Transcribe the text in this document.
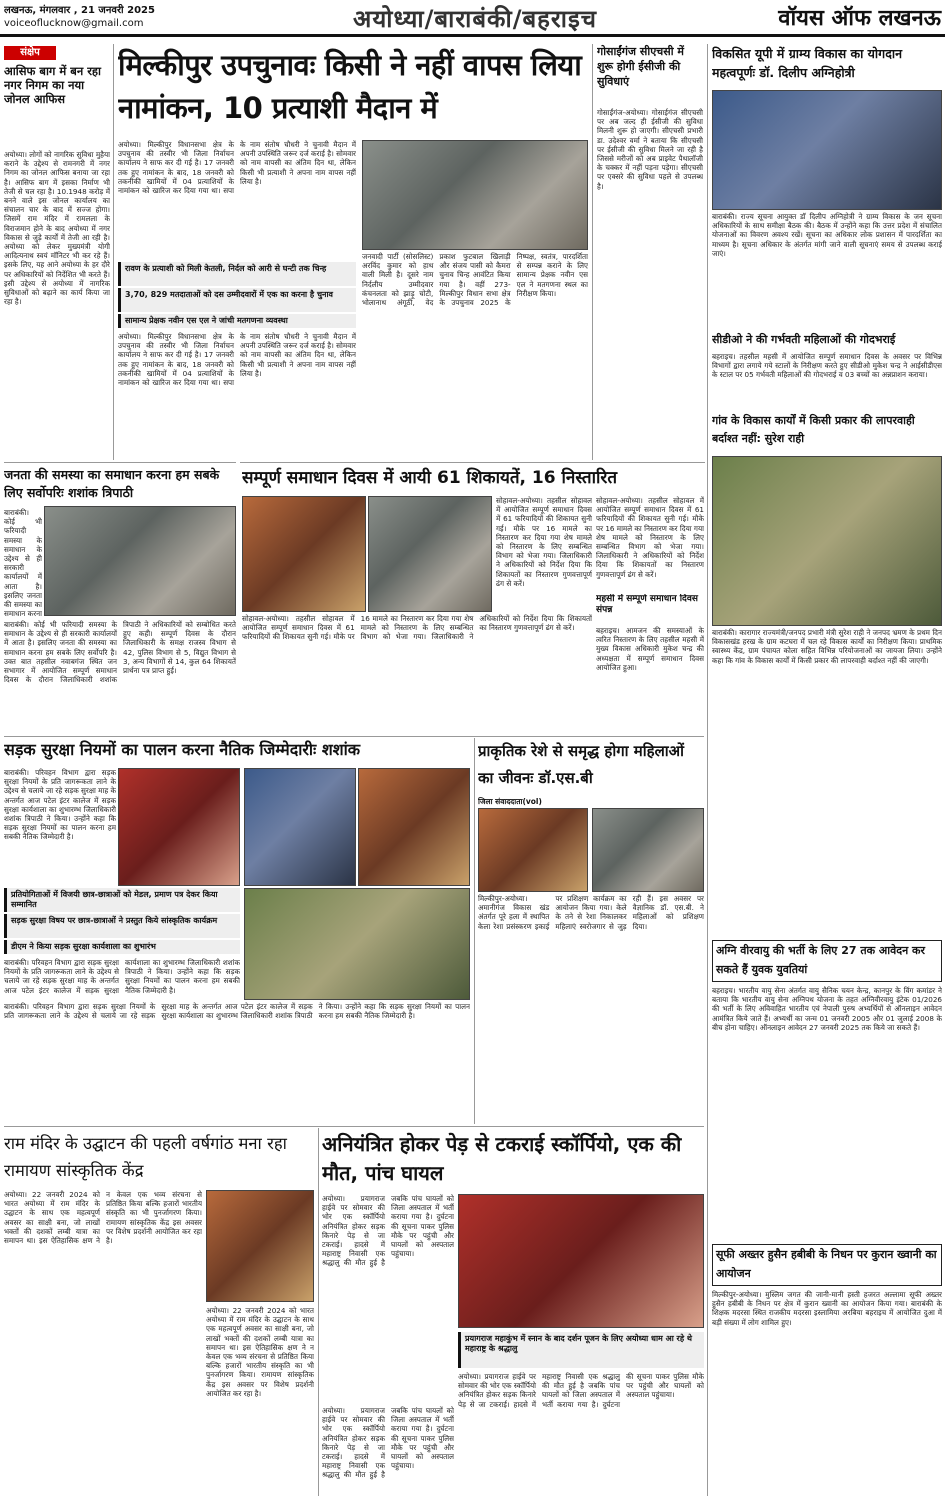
लखनऊ, मंगलवार , 21 जनवरी 2025
voiceoflucknow@gmail.com	अयोध्या/बाराबंकी/बहराइच	वॉयस ऑफ लखनऊ
संक्षेप
आसिफ बाग में बन रहा नगर निगम का नया जोनल आफिस
अयोध्या। लोगों को नागरिक सुविधा मुहैया कराने के उद्देश्य से रामनगरी में नगर निगम का जोनल आफिस बनाया जा रहा है। आसिफ बाग में इसका निर्माण भी तेजी से चल रहा है। 10.1948 करोड़ में बनने वाले इस जोनल कार्यालय का संचालन चार के बाद में सज्ज होगा। जिसमें राम मंदिर में रामलला के विराजमान होने के बाद अयोध्या में नगर विकास से जुड़े कार्यों में तेजी आ रही है। अयोध्या को लेकर मुख्यमंत्री योगी आदित्यनाथ स्वयं मॉनिटर भी कर रहे हैं। इसके लिए, यह आने अयोध्या के हर दौरे पर अधिकारियों को निर्देशित भी करते हैं। इसी उद्देश्य से अयोध्या में नागरिक सुविधाओं को बढ़ाने का कार्य किया जा रहा है।
जनता की समस्या का समाधान करना हम सबके लिए सर्वोपरिः शशांक त्रिपाठी
बाराबंकी। कोई भी फरियादी समस्या के समाधान के उद्देश्य से ही सरकारी कार्यालयों में आता है। इसलिए जनता की समस्या का समाधान करना
बाराबंकी। कोई भी फरियादी समस्या के समाधान के उद्देश्य से ही सरकारी कार्यालयों में आता है। इसलिए जनता की समस्या का समाधान करना हम सबके लिए सर्वोपरि है। उक्त बात तहसील नवाबगंज स्थित जन सभागार में आयोजित सम्पूर्ण समाधान दिवस के दौरान जिलाधिकारी शशांक त्रिपाठी ने अधिकारियों को सम्बोधित करते हुए कही। सम्पूर्ण दिवस के दौरान जिलाधिकारी के समक्ष राजस्व विभाग से 42, पुलिस विभाग से 5, विद्युत विभाग से 3, अन्य विभागों से 14, कुल 64 शिकायतें प्रार्थना पत्र प्राप्त हुई।
मिल्कीपुर उपचुनावः किसी ने नहीं वापस लिया नामांकन, 10 प्रत्याशी मैदान में
अयोध्या। मिल्कीपुर विधानसभा क्षेत्र के उपचुनाव की तस्वीर भी जिला निर्वाचन कार्यालय ने साफ कर दी गई है। 17 जनवरी तक हुए नामांकन के बाद, 18 जनवरी को तकनीकी खामियों में 04 प्रत्याशियों के नामांकन को खारिज कर दिया गया था। सपा के नाम संतोष चौधरी ने चुनावी मैदान में अपनी उपस्थिति जरूर दर्ज कराई है। सोमवार को नाम वापसी का अंतिम दिन था, लेकिन किसी भी प्रत्याशी ने अपना नाम वापस नहीं लिया है।
रावण के प्रत्याशी को मिली केतली, निर्दल को आरी से घन्टी तक चिन्ह
3,70, 829 मतदाताओं को दस उम्मीदवारों में एक का करना है चुनाव
सामान्य प्रेक्षक नवीन एस एल ने जांची मतगणना व्यवस्था
अयोध्या। मिल्कीपुर विधानसभा क्षेत्र के उपचुनाव की तस्वीर भी जिला निर्वाचन कार्यालय ने साफ कर दी गई है। 17 जनवरी तक हुए नामांकन के बाद, 18 जनवरी को तकनीकी खामियों में 04 प्रत्याशियों के नामांकन को खारिज कर दिया गया था। सपा के नाम संतोष चौधरी ने चुनावी मैदान में अपनी उपस्थिति जरूर दर्ज कराई है। सोमवार को नाम वापसी का अंतिम दिन था, लेकिन किसी भी प्रत्याशी ने अपना नाम वापस नहीं लिया है।
जनवादी पार्टी (सोसलिस्ट) अरविंद कुमार को हाथ वाली मिली है। दूसरे नाम निर्दलीय उम्मीदवार कंचनलता को झाड़ू चोटी, भोलानाथ अंगूठी, वेद प्रकाश फुटबाल खिलाड़ी और संजय पासी को कैमरा चुनाव चिन्ह आवंटित किया गया है। वहीं 273-मिल्कीपुर विधान सभा क्षेत्र के उपचुनाव 2025 के निष्पक्ष, स्वतंत्र, पारदर्शिता से सम्पन्न कराने के लिए सामान्य प्रेक्षक नवीन एस एल ने मतगणना स्थल का निरीक्षण किया।
गोसाईंगंज सीएचसी में शुरू होगी ईसीजी की सुविधाएं
गोसाईंगंज-अयोध्या। गोसाईगंज सीएचसी पर अब जल्द ही ईसीजी की सुविधा मिलनी शुरू हो जाएगी। सीएचसी प्रभारी डा. उदेश्वर वर्मा ने बताया कि सीएचसी पर ईसीजी की सुविधा मिलने जा रही है जिससे मरीजों को अब प्राइवेट पैथालॉजी के चक्कर में नहीं पड़ना पड़ेगा। सीएचसी पर एक्सरे की सुविधा पहले से उपलब्ध है।
विकसित यूपी में ग्राम्य विकास का योगदान महत्वपूर्णः डॉ. दिलीप अग्निहोत्री
बाराबंकी। राज्य सूचना आयुक्त डॉ दिलीप अग्निहोत्री ने ग्राम्य विकास के जन सूचना अधिकारियों के साथ समीक्षा बैठक की। बैठक में उन्होंने कहा कि उत्तर प्रदेश में संचालित योजनाओं का विवरण अवश्य रखें। सूचना का अधिकार लोक प्रशासन में पारदर्शिता का माध्यम है। सूचना अधिकार के अंतर्गत मांगी जाने वाली सूचनाएं समय से उपलब्ध कराई जाएं।
सीडीओ ने की गर्भवती महिलाओं की गोदभराई
बहराइच। तहसील महसी में आयोजित सम्पूर्ण समाधान दिवस के अवसर पर विभिन्न विभागों द्वारा लगाये गये स्टालों के निरीक्षण करते हुए सीडीओ मुकेश चन्द्र ने आईसीडीएस के स्टाल पर 05 गर्भवती महिलाओं की गोदभराई व 03 बच्चों का अन्नप्राशन कराया।
गांव के विकास कार्यों में किसी प्रकार की लापरवाही बर्दाश्त नहीं: सुरेश राही
बाराबंकी। कारागार राज्यमंत्री/जनपद प्रभारी मंत्री सुरेश राही ने जनपद भ्रमण के प्रथम दिन विकासखंड हरख के ग्राम कटघरा में चल रहे विकास कार्यों का निरीक्षण किया। प्राथमिक स्वास्थ्य केंद्र, ग्राम पंचायत कोला सहित विभिन्न परियोजनाओं का जायजा लिया। उन्होंने कहा कि गांव के विकास कार्यों में किसी प्रकार की लापरवाही बर्दाश्त नहीं की जाएगी।
अग्नि वीरवायु की भर्ती के लिए 27 तक आवेदन कर सकते हैं युवक युवतियां
बहराइच। भारतीय वायु सेना अंतर्गत वायु सैनिक चयन केन्द्र, कानपुर के विंग कमांडर ने बताया कि भारतीय वायु सेना अग्निपथ योजना के तहत अग्निवीरवायु इंटेक 01/2026 की भर्ती के लिए अविवाहित भारतीय एवं नेपाली पुरुष अभ्यर्थियों से ऑनलाइन आवेदन आमंत्रित किये जाते हैं। अभ्यर्थी का जन्म 01 जनवरी 2005 और 01 जुलाई 2008 के बीच होना चाहिए। ऑनलाइन आवेदन 27 जनवरी 2025 तक किये जा सकते हैं।
सूफी अख्तर हुसैन हबीबी के निधन पर कुरान ख्वानी का आयोजन
मिल्कीपुर-अयोध्या। मुस्लिम जगत की जानी-मानी हस्ती हजरत अल्लामा सूफी अख्तर हुसैन हबीबी के निधन पर क्षेत्र में कुरान ख्वानी का आयोजन किया गया। बाराबंकी के शिक्षक मदरसा स्थित राजकीय मदरसा इस्लामिया अरबिया बहराइच में आयोजित दुआ में बड़ी संख्या में लोग शामिल हुए।
सम्पूर्ण समाधान दिवस में आयी 61 शिकायतें, 16 निस्तारित
सोहावल-अयोध्या। तहसील सोहावल में आयोजित सम्पूर्ण समाधान दिवस में 61 फरियादियों की शिकायत सुनी गई। मौके पर 16 मामले का निस्तारण कर दिया गया शेष मामले को निस्तारण के लिए सम्बन्धित विभाग को भेजा गया। जिलाधिकारी ने अधिकारियों को निर्देश दिया कि शिकायतों का निस्तारण गुणवत्तापूर्ण ढंग से करें।
सोहावल-अयोध्या। तहसील सोहावल में आयोजित सम्पूर्ण समाधान दिवस में 61 फरियादियों की शिकायत सुनी गई। मौके पर 16 मामले का निस्तारण कर दिया गया शेष मामले को निस्तारण के लिए सम्बन्धित विभाग को भेजा गया। जिलाधिकारी ने अधिकारियों को निर्देश दिया कि शिकायतों का निस्तारण गुणवत्तापूर्ण ढंग से करें।
महसी में सम्पूर्ण समाधान दिवस संपन्न
बहराइच। आमजन की समस्याओं के त्वरित निस्तारण के लिए तहसील महसी में मुख्य विकास अधिकारी मुकेश चन्द्र की अध्यक्षता में सम्पूर्ण समाधान दिवस आयोजित हुआ।
सोहावल-अयोध्या। तहसील सोहावल में आयोजित सम्पूर्ण समाधान दिवस में 61 फरियादियों की शिकायत सुनी गई। मौके पर 16 मामले का निस्तारण कर दिया गया शेष मामले को निस्तारण के लिए सम्बन्धित विभाग को भेजा गया। जिलाधिकारी ने अधिकारियों को निर्देश दिया कि शिकायतों का निस्तारण गुणवत्तापूर्ण ढंग से करें।
सड़क सुरक्षा नियमों का पालन करना नैतिक जिम्मेदारीः शशांक
बाराबंकी। परिवहन विभाग द्वारा सड़क सुरक्षा नियमों के प्रति जागरूकता लाने के उद्देश्य से चलाये जा रहे सड़क सुरक्षा माह के अन्तर्गत आज पटेल इंटर कालेज में सड़क सुरक्षा कार्यशाला का शुभारम्भ जिलाधिकारी शशांक त्रिपाठी ने किया। उन्होंने कहा कि सड़क सुरक्षा नियमों का पालन करना हम सबकी नैतिक जिम्मेदारी है।
प्रतियोगिताओं में विजयी छात्र-छात्राओं को मेडल, प्रमाण पत्र देकर किया सम्मानित
सड़क सुरक्षा विषय पर छात्र-छात्राओं ने प्रस्तुत किये सांस्कृतिक कार्यक्रम
डीएम ने किया सड़क सुरक्षा कार्यशाला का शुभारंभ
बाराबंकी। परिवहन विभाग द्वारा सड़क सुरक्षा नियमों के प्रति जागरूकता लाने के उद्देश्य से चलाये जा रहे सड़क सुरक्षा माह के अन्तर्गत आज पटेल इंटर कालेज में सड़क सुरक्षा कार्यशाला का शुभारम्भ जिलाधिकारी शशांक त्रिपाठी ने किया। उन्होंने कहा कि सड़क सुरक्षा नियमों का पालन करना हम सबकी नैतिक जिम्मेदारी है।
बाराबंकी। परिवहन विभाग द्वारा सड़क सुरक्षा नियमों के प्रति जागरूकता लाने के उद्देश्य से चलाये जा रहे सड़क सुरक्षा माह के अन्तर्गत आज पटेल इंटर कालेज में सड़क सुरक्षा कार्यशाला का शुभारम्भ जिलाधिकारी शशांक त्रिपाठी ने किया। उन्होंने कहा कि सड़क सुरक्षा नियमों का पालन करना हम सबकी नैतिक जिम्मेदारी है।
प्राकृतिक रेशे से समृद्ध होगा महिलाओं का जीवनः डॉ.एस.बी
जिला संवाददाता(vol)
मिल्कीपुर-अयोध्या। अमानीगंज विकास खंड अंतर्गत पूरे हला में स्थापित केला रेशा प्रसंस्करण इकाई पर प्रशिक्षण कार्यक्रम का आयोजन किया गया। केले के तने से रेशा निकालकर महिलाएं स्वरोजगार से जुड़ रही हैं। इस अवसर पर वैज्ञानिक डॉ. एस.बी. ने महिलाओं को प्रशिक्षण दिया।
राम मंदिर के उद्घाटन की पहली वर्षगांठ मना रहा रामायण सांस्कृतिक केंद्र
अयोध्या। 22 जनवरी 2024 को भारत अयोध्या में राम मंदिर के उद्घाटन के साथ एक महत्वपूर्ण अवसर का साक्षी बना, जो लाखों भक्तों की दशकों लम्बी यात्रा का समापन था। इस ऐतिहासिक क्षण ने न केवल एक भव्य संरचना से प्रतिष्ठित किया बल्कि हजारों भारतीय संस्कृति का भी पुनर्जागरण किया। रामायण सांस्कृतिक केंद्र इस अवसर पर विशेष प्रदर्शनी आयोजित कर रहा है।
अयोध्या। 22 जनवरी 2024 को भारत अयोध्या में राम मंदिर के उद्घाटन के साथ एक महत्वपूर्ण अवसर का साक्षी बना, जो लाखों भक्तों की दशकों लम्बी यात्रा का समापन था। इस ऐतिहासिक क्षण ने न केवल एक भव्य संरचना से प्रतिष्ठित किया बल्कि हजारों भारतीय संस्कृति का भी पुनर्जागरण किया। रामायण सांस्कृतिक केंद्र इस अवसर पर विशेष प्रदर्शनी आयोजित कर रहा है।
अनियंत्रित होकर पेड़ से टकराई स्कॉर्पियो, एक की मौत, पांच घायल
अयोध्या। प्रयागराज हाईवे पर सोमवार की भोर एक स्कॉर्पियो अनियंत्रित होकर सड़क किनारे पेड़ से जा टकराई। हादसे में महाराष्ट्र निवासी एक श्रद्धालु की मौत हुई है जबकि पांच घायलों को जिला अस्पताल में भर्ती कराया गया है। दुर्घटना की सूचना पाकर पुलिस मौके पर पहुंची और घायलों को अस्पताल पहुंचाया।
प्रयागराज महाकुंभ में स्नान के बाद दर्शन पूजन के लिए अयोध्या धाम आ रहे थे महाराष्ट्र के श्रद्धालु
अयोध्या। प्रयागराज हाईवे पर सोमवार की भोर एक स्कॉर्पियो अनियंत्रित होकर सड़क किनारे पेड़ से जा टकराई। हादसे में महाराष्ट्र निवासी एक श्रद्धालु की मौत हुई है जबकि पांच घायलों को जिला अस्पताल में भर्ती कराया गया है। दुर्घटना की सूचना पाकर पुलिस मौके पर पहुंची और घायलों को अस्पताल पहुंचाया।
अयोध्या। प्रयागराज हाईवे पर सोमवार की भोर एक स्कॉर्पियो अनियंत्रित होकर सड़क किनारे पेड़ से जा टकराई। हादसे में महाराष्ट्र निवासी एक श्रद्धालु की मौत हुई है जबकि पांच घायलों को जिला अस्पताल में भर्ती कराया गया है। दुर्घटना की सूचना पाकर पुलिस मौके पर पहुंची और घायलों को अस्पताल पहुंचाया।
